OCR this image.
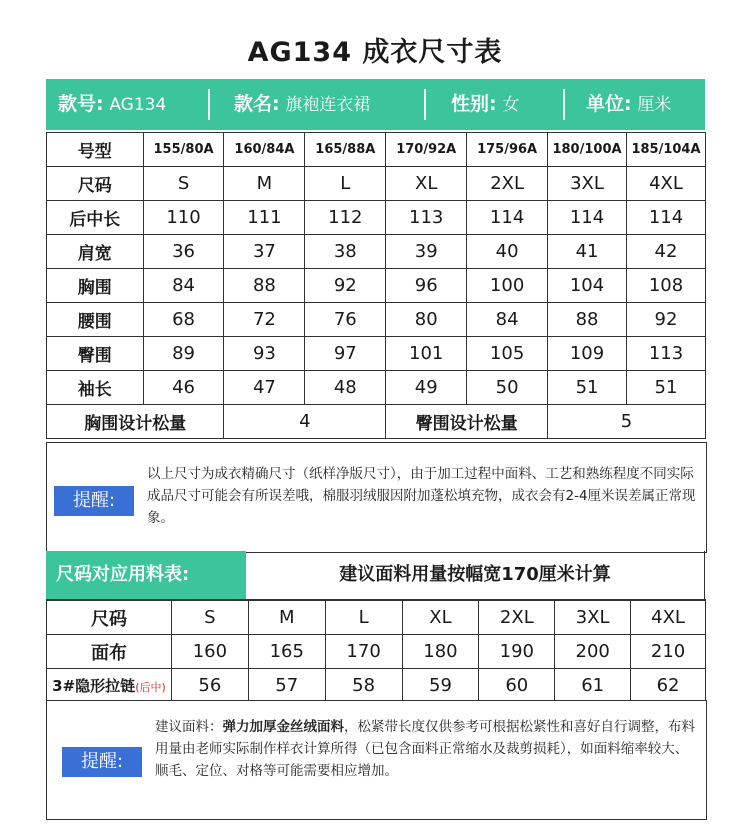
AG134 成衣尺寸表
款号: AG134	款名: 旗袍连衣裙	性别: 女	单位: 厘米
号型	155/80A	160/84A	165/88A	170/92A	175/96A	180/100A	185/104A
尺码	S	M	L	XL	2XL	3XL	4XL
后中长	110	111	112	113	114	114	114
肩宽	36	37	38	39	40	41	42
胸围	84	88	92	96	100	104	108
腰围	68	72	76	80	84	88	92
臀围	89	93	97	101	105	109	113
袖长	46	47	48	49	50	51	51
胸围设计松量		4		臀围设计松量		5	
提醒:
以上尺寸为成衣精确尺寸（纸样净版尺寸），由于加工过程中面料、工艺和熟练程度不同实际成品尺寸可能会有所误差哦，棉服羽绒服因附加蓬松填充物，成衣会有2-4厘米误差属正常现象。
尺码对应用料表:	建议面料用量按幅宽170厘米计算
尺码	S	M	L	XL	2XL	3XL	4XL
面布	160	165	170	180	190	200	210
3#隐形拉链(后中)	56	57	58	59	60	61	62
提醒:
建议面料：弹力加厚金丝绒面料，松紧带长度仅供参考可根据松紧性和喜好自行调整，布料用量由老师实际制作样衣计算所得（已包含面料正常缩水及裁剪损耗），如面料缩率较大、顺毛、定位、对格等可能需要相应增加。
